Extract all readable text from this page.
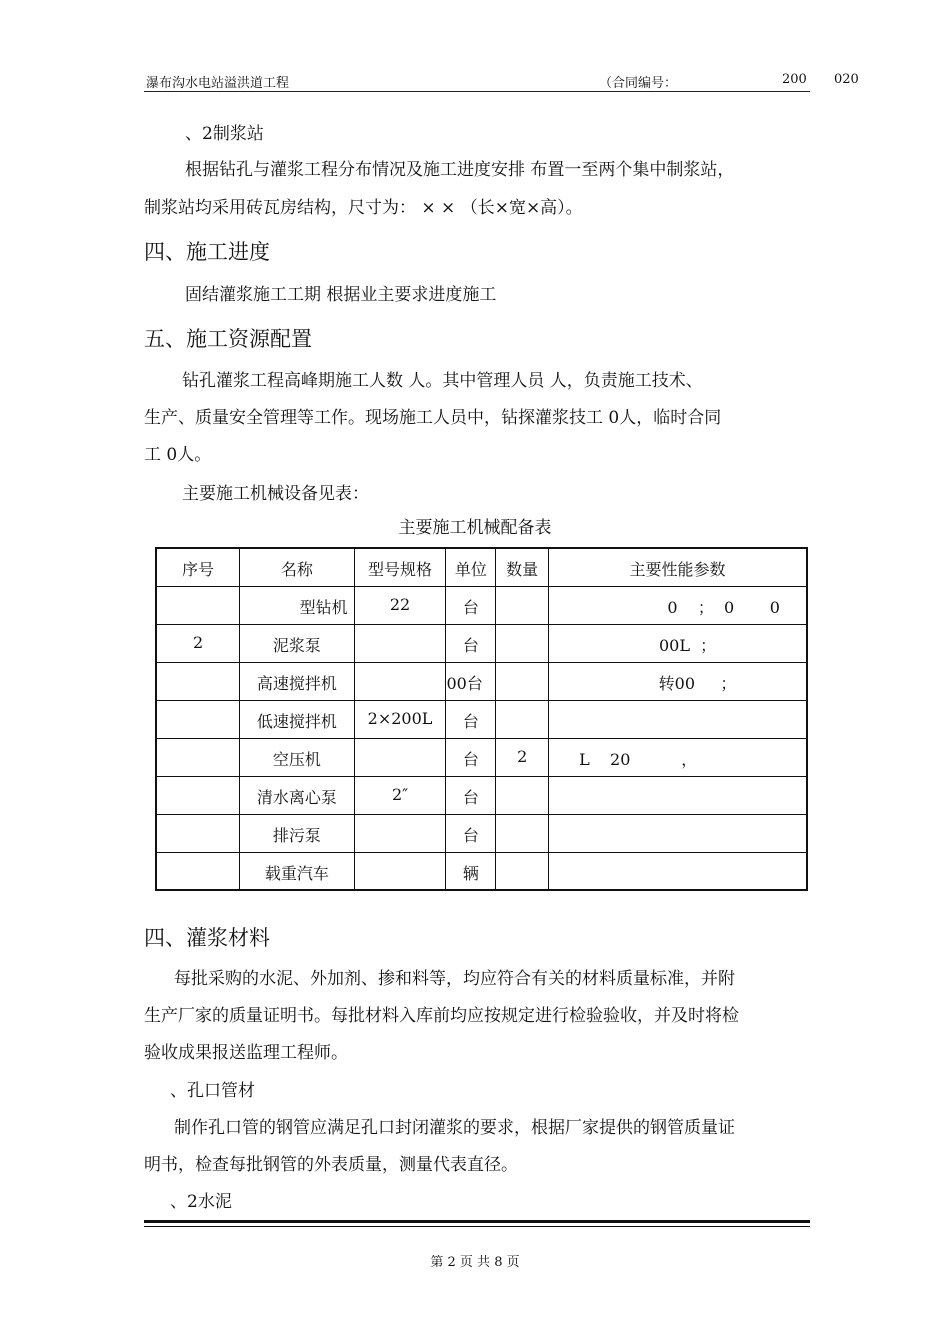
瀑布沟水电站溢洪道工程	（合同编号：	200 020
、2制浆站
根据钻孔与灌浆工程分布情况及施工进度安排 布置一至两个集中制浆站，
制浆站均采用砖瓦房结构，尺寸为： × × （长×宽×高）。
四、施工进度
固结灌浆施工工期 根据业主要求进度施工
五、施工资源配置
钻孔灌浆工程高峰期施工人数 人。其中管理人员 人，负责施工技术、
生产、质量安全管理等工作。现场施工人员中，钻探灌浆技工 0人，临时合同
工 0人。
主要施工机械设备见表：
主要施工机械配备表
序号	名称	型号规格	单位	数量	主要性能参数
	型钻机	22	台		0    ；  0       0
2	泥浆泵		台		00L  ；
	高速搅拌机		00台		转00     ；
	低速搅拌机	2×200L	台		
	空压机		台	2	L    20          ，
	清水离心泵	2″	台		
	排污泵		台		
	载重汽车		辆		
四、灌浆材料
每批采购的水泥、外加剂、掺和料等，均应符合有关的材料质量标准，并附
生产厂家的质量证明书。每批材料入库前均应按规定进行检验验收，并及时将检
验收成果报送监理工程师。
、孔口管材
制作孔口管的钢管应满足孔口封闭灌浆的要求，根据厂家提供的钢管质量证
明书，检查每批钢管的外表质量，测量代表直径。
、2水泥
第 2 页 共 8 页
